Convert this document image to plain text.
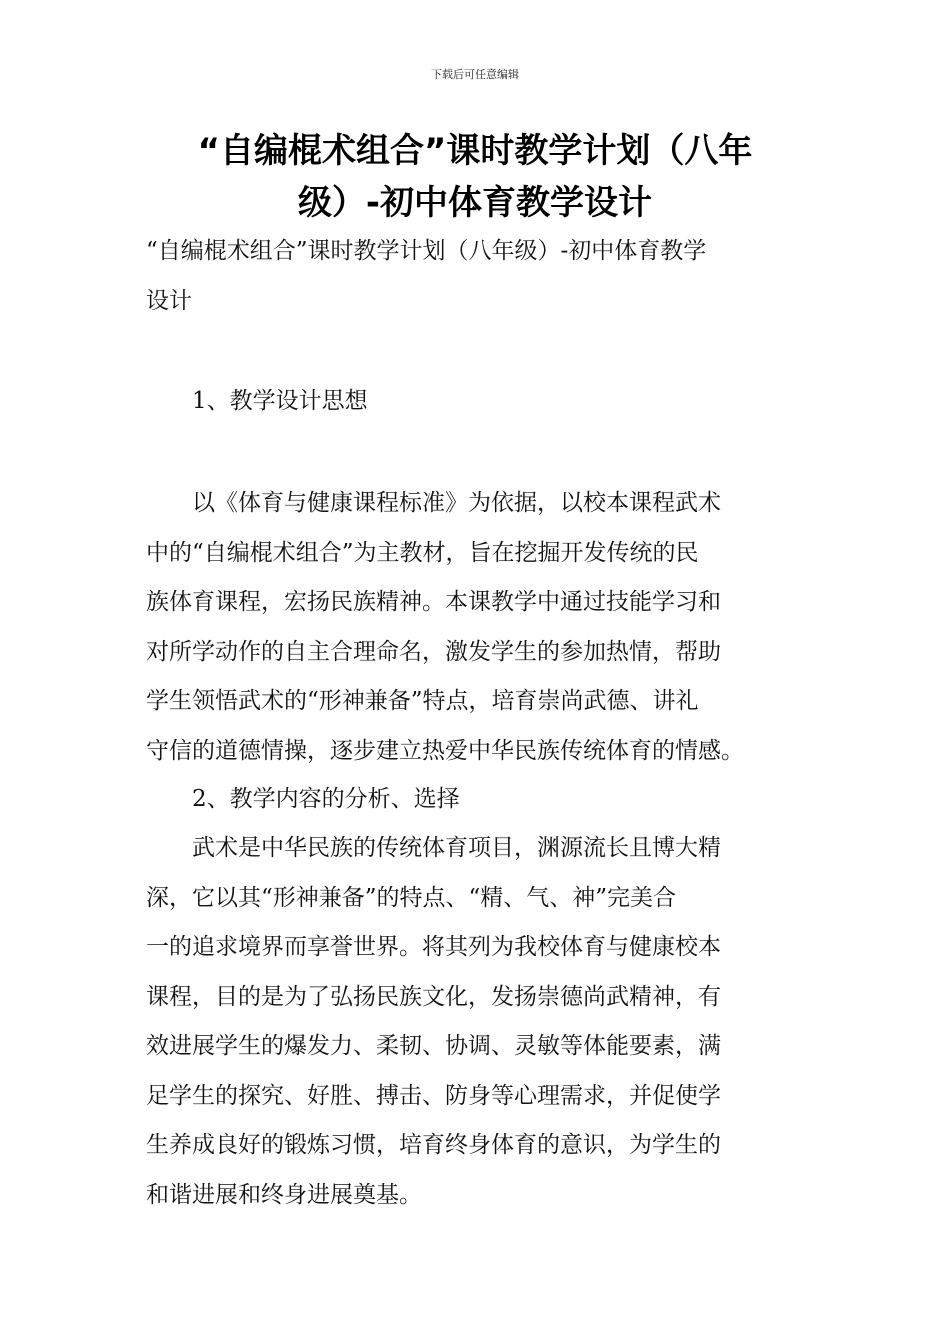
下载后可任意编辑
“自编棍术组合”课时教学计划（八年
级）-初中体育教学设计
“自编棍术组合”课时教学计划（八年级）-初中体育教学
设计
1、教学设计思想
以《体育与健康课程标准》为依据，以校本课程武术
中的“自编棍术组合”为主教材，旨在挖掘开发传统的民
族体育课程，宏扬民族精神。本课教学中通过技能学习和
对所学动作的自主合理命名，激发学生的参加热情，帮助
学生领悟武术的“形神兼备”特点，培育崇尚武德、讲礼
守信的道德情操，逐步建立热爱中华民族传统体育的情感。
2、教学内容的分析、选择
武术是中华民族的传统体育项目，渊源流长且博大精
深，它以其“形神兼备”的特点、“精、气、神”完美合
一的追求境界而享誉世界。将其列为我校体育与健康校本
课程，目的是为了弘扬民族文化，发扬崇德尚武精神，有
效进展学生的爆发力、柔韧、协调、灵敏等体能要素，满
足学生的探究、好胜、搏击、防身等心理需求，并促使学
生养成良好的锻炼习惯，培育终身体育的意识，为学生的
和谐进展和终身进展奠基。
